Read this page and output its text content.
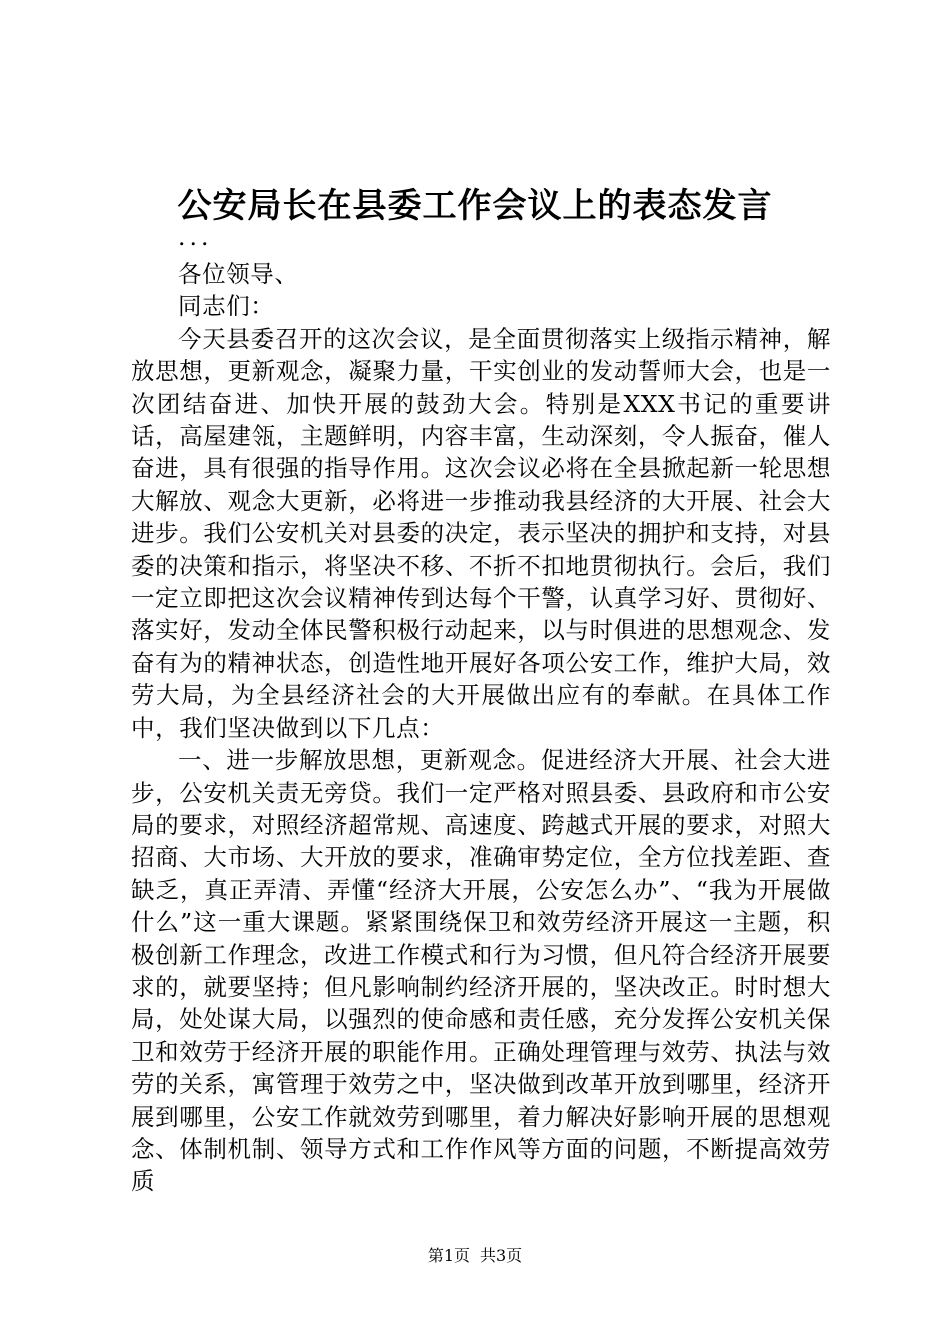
公安局长在县委工作会议上的表态发言

...

各位领导、

同志们：

今天县委召开的这次会议，是全面贯彻落实上级指示精神，解放思想，更新观念，凝聚力量，干实创业的发动誓师大会，也是一次团结奋进、加快开展的鼓劲大会。特别是XXX书记的重要讲话，高屋建瓴，主题鲜明，内容丰富，生动深刻，令人振奋，催人奋进，具有很强的指导作用。这次会议必将在全县掀起新一轮思想大解放、观念大更新，必将进一步推动我县经济的大开展、社会大进步。我们公安机关对县委的决定，表示坚决的拥护和支持，对县委的决策和指示，将坚决不移、不折不扣地贯彻执行。会后，我们一定立即把这次会议精神传到达每个干警，认真学习好、贯彻好、落实好，发动全体民警积极行动起来，以与时俱进的思想观念、发奋有为的精神状态，创造性地开展好各项公安工作，维护大局，效劳大局，为全县经济社会的大开展做出应有的奉献。在具体工作中，我们坚决做到以下几点：

一、进一步解放思想，更新观念。促进经济大开展、社会大进步，公安机关责无旁贷。我们一定严格对照县委、县政府和市公安局的要求，对照经济超常规、高速度、跨越式开展的要求，对照大招商、大市场、大开放的要求，准确审势定位，全方位找差距、查缺乏，真正弄清、弄懂“经济大开展，公安怎么办”、“我为开展做什么”这一重大课题。紧紧围绕保卫和效劳经济开展这一主题，积极创新工作理念，改进工作模式和行为习惯，但凡符合经济开展要求的，就要坚持；但凡影响制约经济开展的，坚决改正。时时想大局，处处谋大局，以强烈的使命感和责任感，充分发挥公安机关保卫和效劳于经济开展的职能作用。正确处理管理与效劳、执法与效劳的关系，寓管理于效劳之中，坚决做到改革开放到哪里，经济开展到哪里，公安工作就效劳到哪里，着力解决好影响开展的思想观念、体制机制、领导方式和工作作风等方面的问题，不断提高效劳质

第1页 共3页
